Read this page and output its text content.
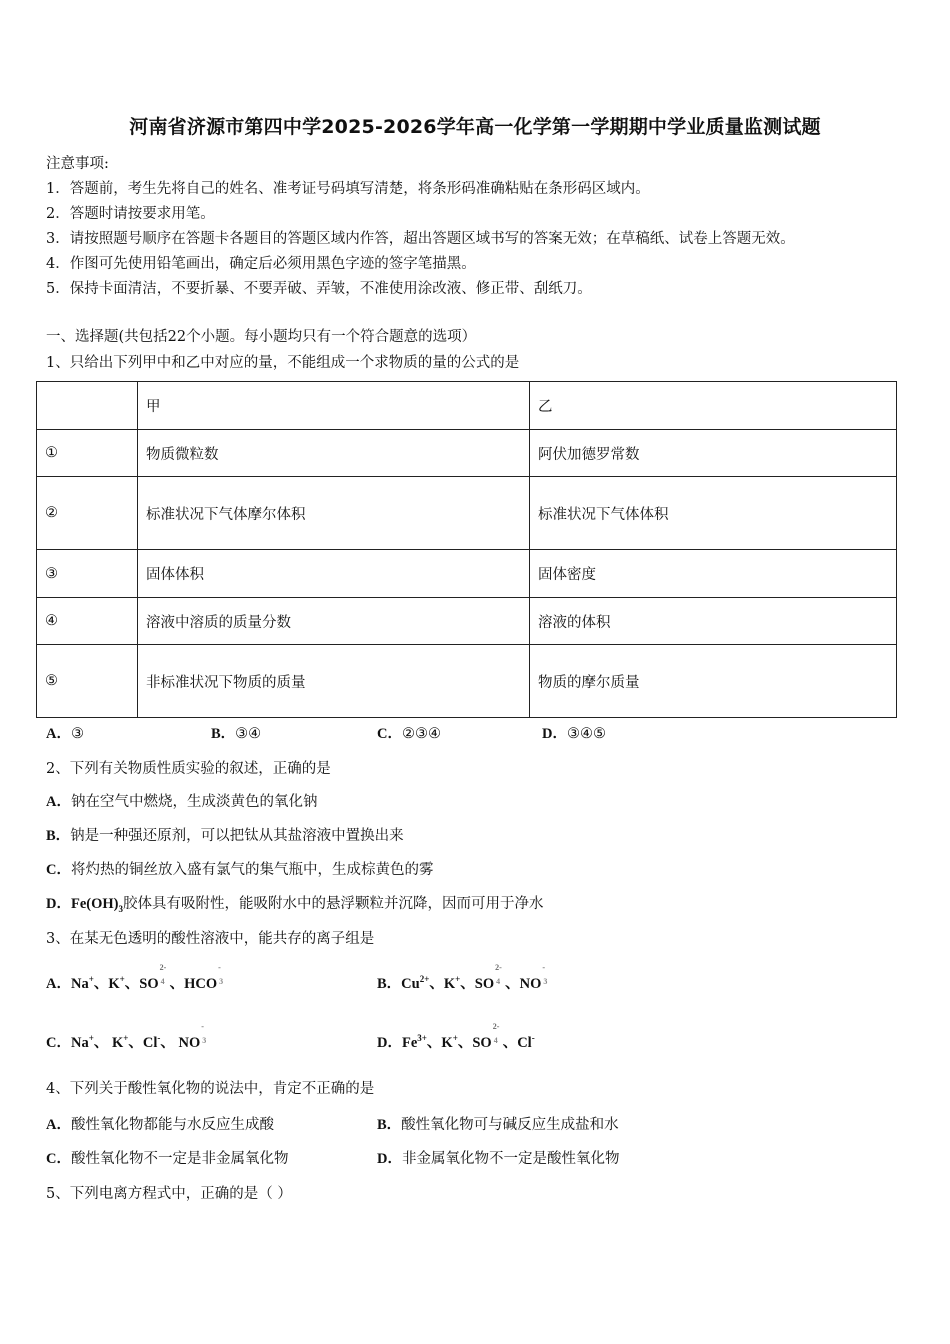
河南省济源市第四中学2025-2026学年高一化学第一学期期中学业质量监测试题
注意事项:
1．答题前，考生先将自己的姓名、准考证号码填写清楚，将条形码准确粘贴在条形码区域内。
2．答题时请按要求用笔。
3．请按照题号顺序在答题卡各题目的答题区域内作答，超出答题区域书写的答案无效；在草稿纸、试卷上答题无效。
4．作图可先使用铅笔画出，确定后必须用黑色字迹的签字笔描黑。
5．保持卡面清洁，不要折暴、不要弄破、弄皱，不准使用涂改液、修正带、刮纸刀。
一、选择题(共包括22个小题。每小题均只有一个符合题意的选项）
1、只给出下列甲中和乙中对应的量，不能组成一个求物质的量的公式的是
	甲	乙
①	物质微粒数	阿伏加德罗常数
②	标准状况下气体摩尔体积	标准状况下气体体积
③	固体体积	固体密度
④	溶液中溶质的质量分数	溶液的体积
⑤	非标准状况下物质的质量	物质的摩尔质量
A．③	B．③④	C．②③④	D．③④⑤
2、下列有关物质性质实验的叙述，正确的是
A．钠在空气中燃烧，生成淡黄色的氧化钠
B．钠是一种强还原剂，可以把钛从其盐溶液中置换出来
C．将灼热的铜丝放入盛有氯气的集气瓶中，生成棕黄色的雾
D．$Fe(OH)_3$胶体具有吸附性，能吸附水中的悬浮颗粒并沉降，因而可用于净水
3、在某无色透明的酸性溶液中，能共存的离子组是
A．Na+、K+、SO
2-
4 、HCO
-
3	B．$Cu^{2+}$、K+、SO
2-
4 、NO
-
3
C．Na+、 K+、Cl-、 NO
-
3	D．$Fe^{3+}$、K+、SO
2-
4 、Cl-
4、下列关于酸性氧化物的说法中，肯定不正确的是
A．酸性氧化物都能与水反应生成酸	B．酸性氧化物可与碱反应生成盐和水
C．酸性氧化物不一定是非金属氧化物	D．非金属氧化物不一定是酸性氧化物
5、下列电离方程式中，正确的是（ ）
